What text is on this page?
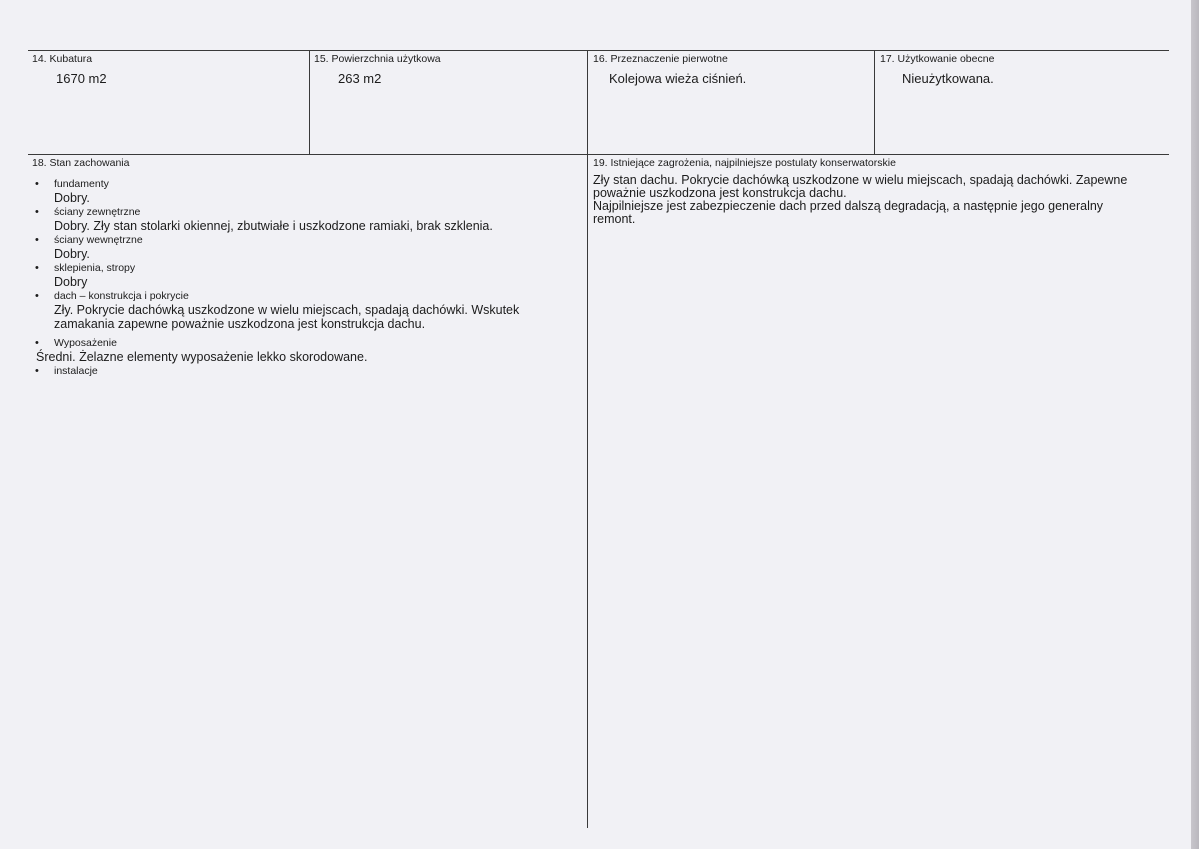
14. Kubatura
1670 m2
15. Powierzchnia użytkowa
263 m2
16. Przeznaczenie pierwotne
Kolejowa wieża ciśnień.
17. Użytkowanie obecne
Nieużytkowana.
18. Stan zachowania
• fundamenty
Dobry.
• ściany zewnętrzne
Dobry. Zły stan stolarki okiennej, zbutwiałe i uszkodzone ramiaki, brak szklenia.
• ściany wewnętrzne
Dobry.
• sklepienia, stropy
Dobry
• dach – konstrukcja i pokrycie
Zły. Pokrycie dachówką uszkodzone w wielu miejscach, spadają dachówki. Wskutek
zamakania zapewne poważnie uszkodzona jest konstrukcja dachu.
• Wyposażenie
Średni. Żelazne elementy wyposażenie lekko skorodowane.
• instalacje
19. Istniejące zagrożenia, najpilniejsze postulaty konserwatorskie
Zły stan dachu. Pokrycie dachówką uszkodzone w wielu miejscach, spadają dachówki. Zapewne
poważnie uszkodzona jest konstrukcja dachu.
Najpilniejsze jest zabezpieczenie dach przed dalszą degradacją, a następnie jego generalny
remont.
